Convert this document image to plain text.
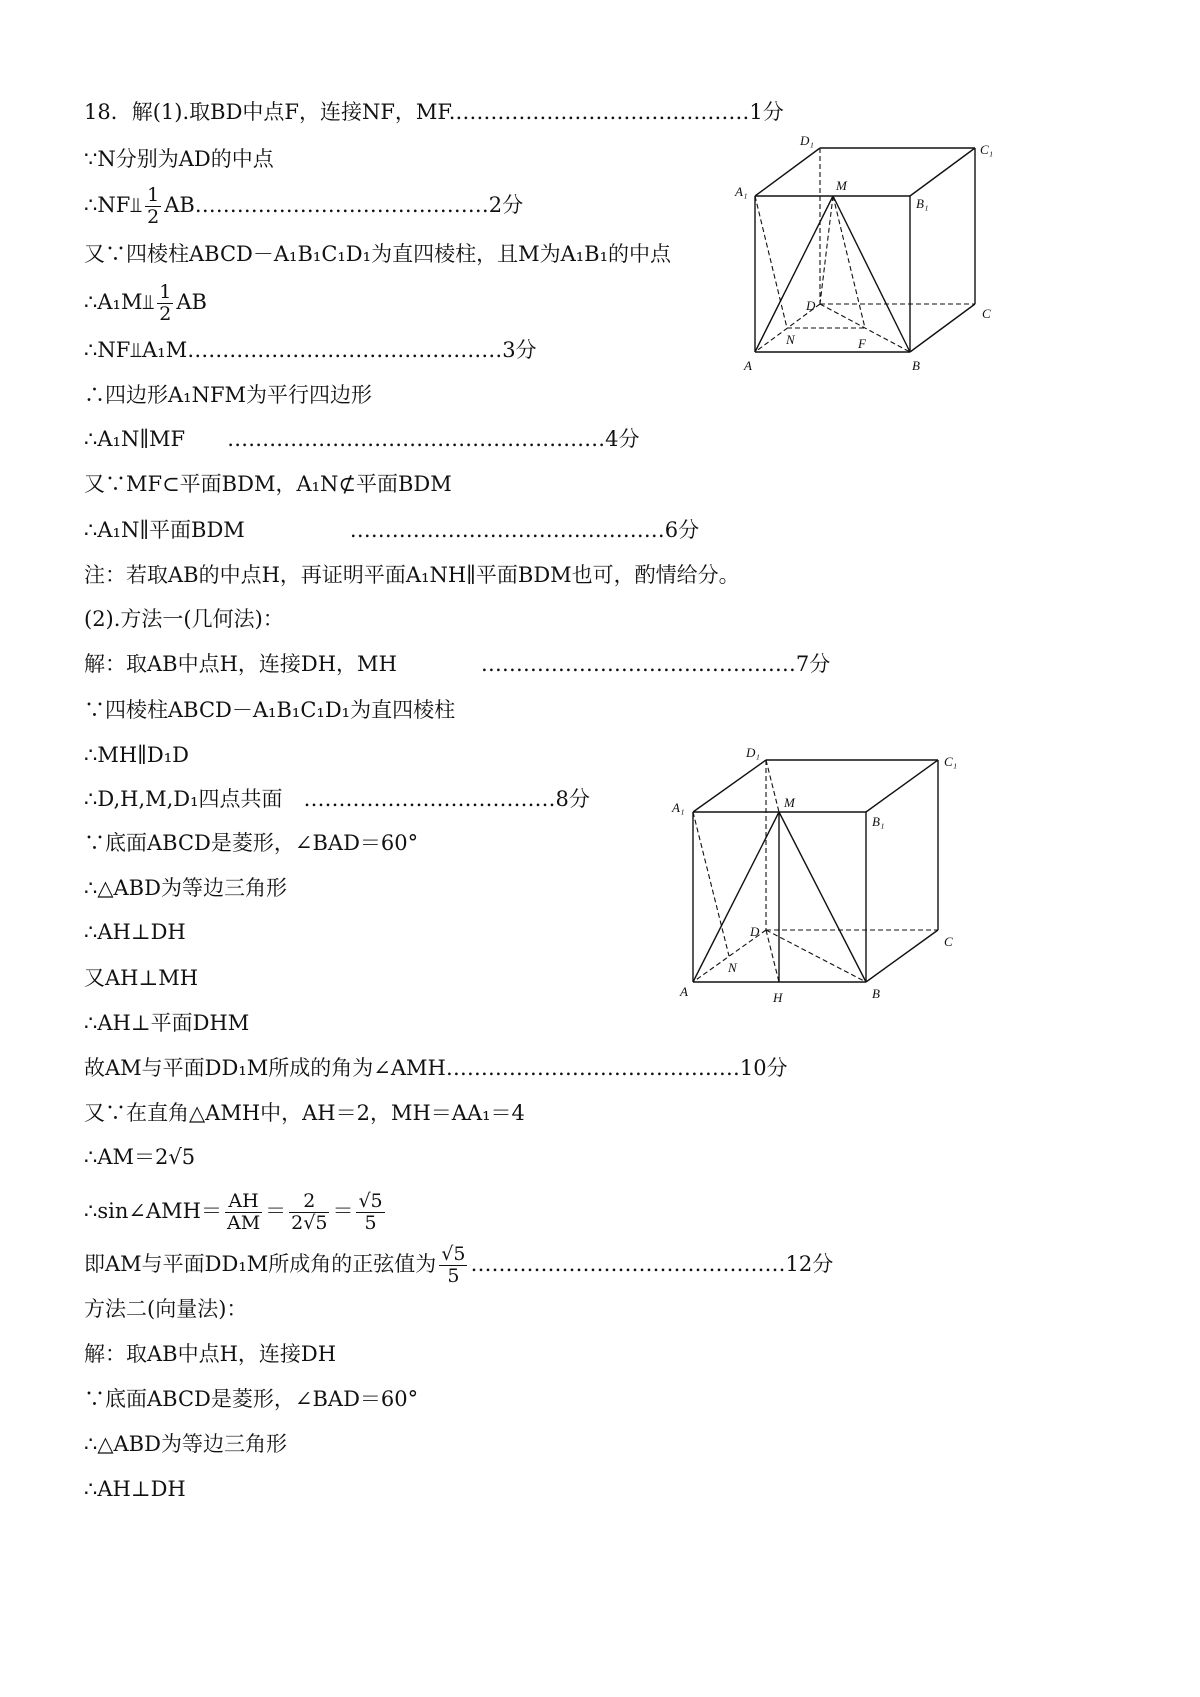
18．解(1).取BD中点F，连接NF，MF.……………………………………1分
∵N分别为AD的中点
∴NF⫫ $\frac{1}{2}$ AB……………………………………2分
又∵四棱柱ABCD－A₁B₁C₁D₁为直四棱柱，且M为A₁B₁的中点
∴A₁M⫫ $\frac{1}{2}$ AB
∴NF⫫A₁M………………………………………3分
∴四边形A₁NFM为平行四边形
∴A₁N∥MF　　………………………………………………4分
又∵MF⊂平面BDM，A₁N⊄平面BDM
∴A₁N∥平面BDM　　　　　………………………………………6分
注：若取AB的中点H，再证明平面A₁NH∥平面BDM也可，酌情给分。
(2).方法一(几何法)：
解：取AB中点H，连接DH，MH　　　　………………………………………7分
∵四棱柱ABCD－A₁B₁C₁D₁为直四棱柱
∴MH∥D₁D
∴D,H,M,D₁四点共面　………………………………8分
∵底面ABCD是菱形，∠BAD＝60°
∴△ABD为等边三角形
∴AH⊥DH
又AH⊥MH
∴AH⊥平面DHM
故AM与平面DD₁M所成的角为∠AMH……………………………………10分
又∵在直角△AMH中，AH＝2，MH＝AA₁＝4
∴AM＝2√5
∴sin∠AMH＝ $\frac{AH}{AM} = \frac{2}{2√5} = \frac{√5}{5}$
即AM与平面DD₁M所成角的正弦值为 $\frac{√5}{5}$ ………………………………………12分
方法二(向量法)：
解：取AB中点H，连接DH
∵底面ABCD是菱形，∠BAD＝60°
∴△ABD为等边三角形
∴AH⊥DH
D₁
C₁
A₁	M
B₁
D
C
N	F
A	B
D₁
C₁
A₁	M
B₁
D
C
N
A	H	B
